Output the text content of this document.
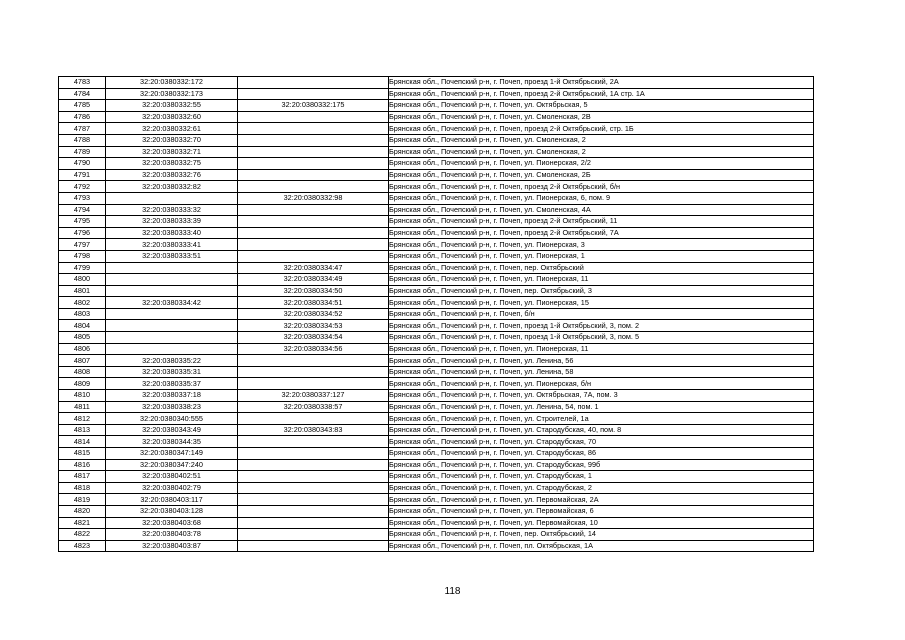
4783	32:20:0380332:172		Брянская обл., Почепский р-н, г. Почеп, проезд 1-й Октябрьский, 2А
4784	32:20:0380332:173		Брянская обл., Почепский р-н, г. Почеп, проезд 2-й Октябрьский, 1А стр. 1А
4785	32:20:0380332:55	32:20:0380332:175	Брянская обл., Почепский р-н, г. Почеп, ул. Октябрьская, 5
4786	32:20:0380332:60		Брянская обл., Почепский р-н, г. Почеп, ул. Смоленская, 2В
4787	32:20:0380332:61		Брянская обл., Почепский р-н, г. Почеп, проезд 2-й Октябрьский, стр. 1Б
4788	32:20:0380332:70		Брянская обл., Почепский р-н, г. Почеп, ул. Смоленская, 2
4789	32:20:0380332:71		Брянская обл., Почепский р-н, г. Почеп, ул. Смоленская, 2
4790	32:20:0380332:75		Брянская обл., Почепский р-н, г. Почеп, ул. Пионерская, 2/2
4791	32:20:0380332:76		Брянская обл., Почепский р-н, г. Почеп, ул. Смоленская, 2Б
4792	32:20:0380332:82		Брянская обл., Почепский р-н, г. Почеп, проезд 2-й Октябрьский, б/н
4793		32:20:0380332:98	Брянская обл., Почепский р-н, г. Почеп, ул. Пионерская, 6, пом. 9
4794	32:20:0380333:32		Брянская обл., Почепский р-н, г. Почеп, ул. Смоленская, 4А
4795	32:20:0380333:39		Брянская обл., Почепский р-н, г. Почеп, проезд 2-й Октябрьский, 11
4796	32:20:0380333:40		Брянская обл., Почепский р-н, г. Почеп, проезд 2-й Октябрьский, 7А
4797	32:20:0380333:41		Брянская обл., Почепский р-н, г. Почеп, ул. Пионерская, 3
4798	32:20:0380333:51		Брянская обл., Почепский р-н, г. Почеп, ул. Пионерская, 1
4799		32:20:0380334:47	Брянская обл., Почепский р-н, г. Почеп, пер. Октябрьский
4800		32:20:0380334:49	Брянская обл., Почепский р-н, г. Почеп, ул. Пионерская, 11
4801		32:20:0380334:50	Брянская обл., Почепский р-н, г. Почеп, пер. Октябрьский, 3
4802	32:20:0380334:42	32:20:0380334:51	Брянская обл., Почепский р-н, г. Почеп, ул. Пионерская, 15
4803		32:20:0380334:52	Брянская обл., Почепский р-н, г. Почеп, б/н
4804		32:20:0380334:53	Брянская обл., Почепский р-н, г. Почеп, проезд 1-й Октябрьский, 3, пом. 2
4805		32:20:0380334:54	Брянская обл., Почепский р-н, г. Почеп, проезд 1-й Октябрьский, 3, пом. 5
4806		32:20:0380334:56	Брянская обл., Почепский р-н, г. Почеп, ул. Пионерская, 11
4807	32:20:0380335:22		Брянская обл., Почепский р-н, г. Почеп, ул. Ленина, 56
4808	32:20:0380335:31		Брянская обл., Почепский р-н, г. Почеп, ул. Ленина, 58
4809	32:20:0380335:37		Брянская обл., Почепский р-н, г. Почеп, ул. Пионерская, б/н
4810	32:20:0380337:18	32:20:0380337:127	Брянская обл., Почепский р-н, г. Почеп, ул. Октябрьская, 7А, пом. 3
4811	32:20:0380338:23	32:20:0380338:57	Брянская обл., Почепский р-н, г. Почеп, ул. Ленина, 54, пом. 1
4812	32:20:0380340:555		Брянская обл., Почепский р-н, г. Почеп, ул. Строителей, 1а
4813	32:20:0380343:49	32:20:0380343:83	Брянская обл., Почепский р-н, г. Почеп, ул. Стародубская, 40, пом. 8
4814	32:20:0380344:35		Брянская обл., Почепский р-н, г. Почеп, ул. Стародубская, 70
4815	32:20:0380347:149		Брянская обл., Почепский р-н, г. Почеп, ул. Стародубская, 86
4816	32:20:0380347:240		Брянская обл., Почепский р-н, г. Почеп, ул. Стародубская, 99б
4817	32:20:0380402:51		Брянская обл., Почепский р-н, г. Почеп, ул. Стародубская, 1
4818	32:20:0380402:79		Брянская обл., Почепский р-н, г. Почеп, ул. Стародубская, 2
4819	32:20:0380403:117		Брянская обл., Почепский р-н, г. Почеп, ул. Первомайская, 2А
4820	32:20:0380403:128		Брянская обл., Почепский р-н, г. Почеп, ул. Первомайская, 6
4821	32:20:0380403:68		Брянская обл., Почепский р-н, г. Почеп, ул. Первомайская, 10
4822	32:20:0380403:78		Брянская обл., Почепский р-н, г. Почеп, пер. Октябрьский, 14
4823	32:20:0380403:87		Брянская обл., Почепский р-н, г. Почеп, пл. Октябрьская, 1А
118
